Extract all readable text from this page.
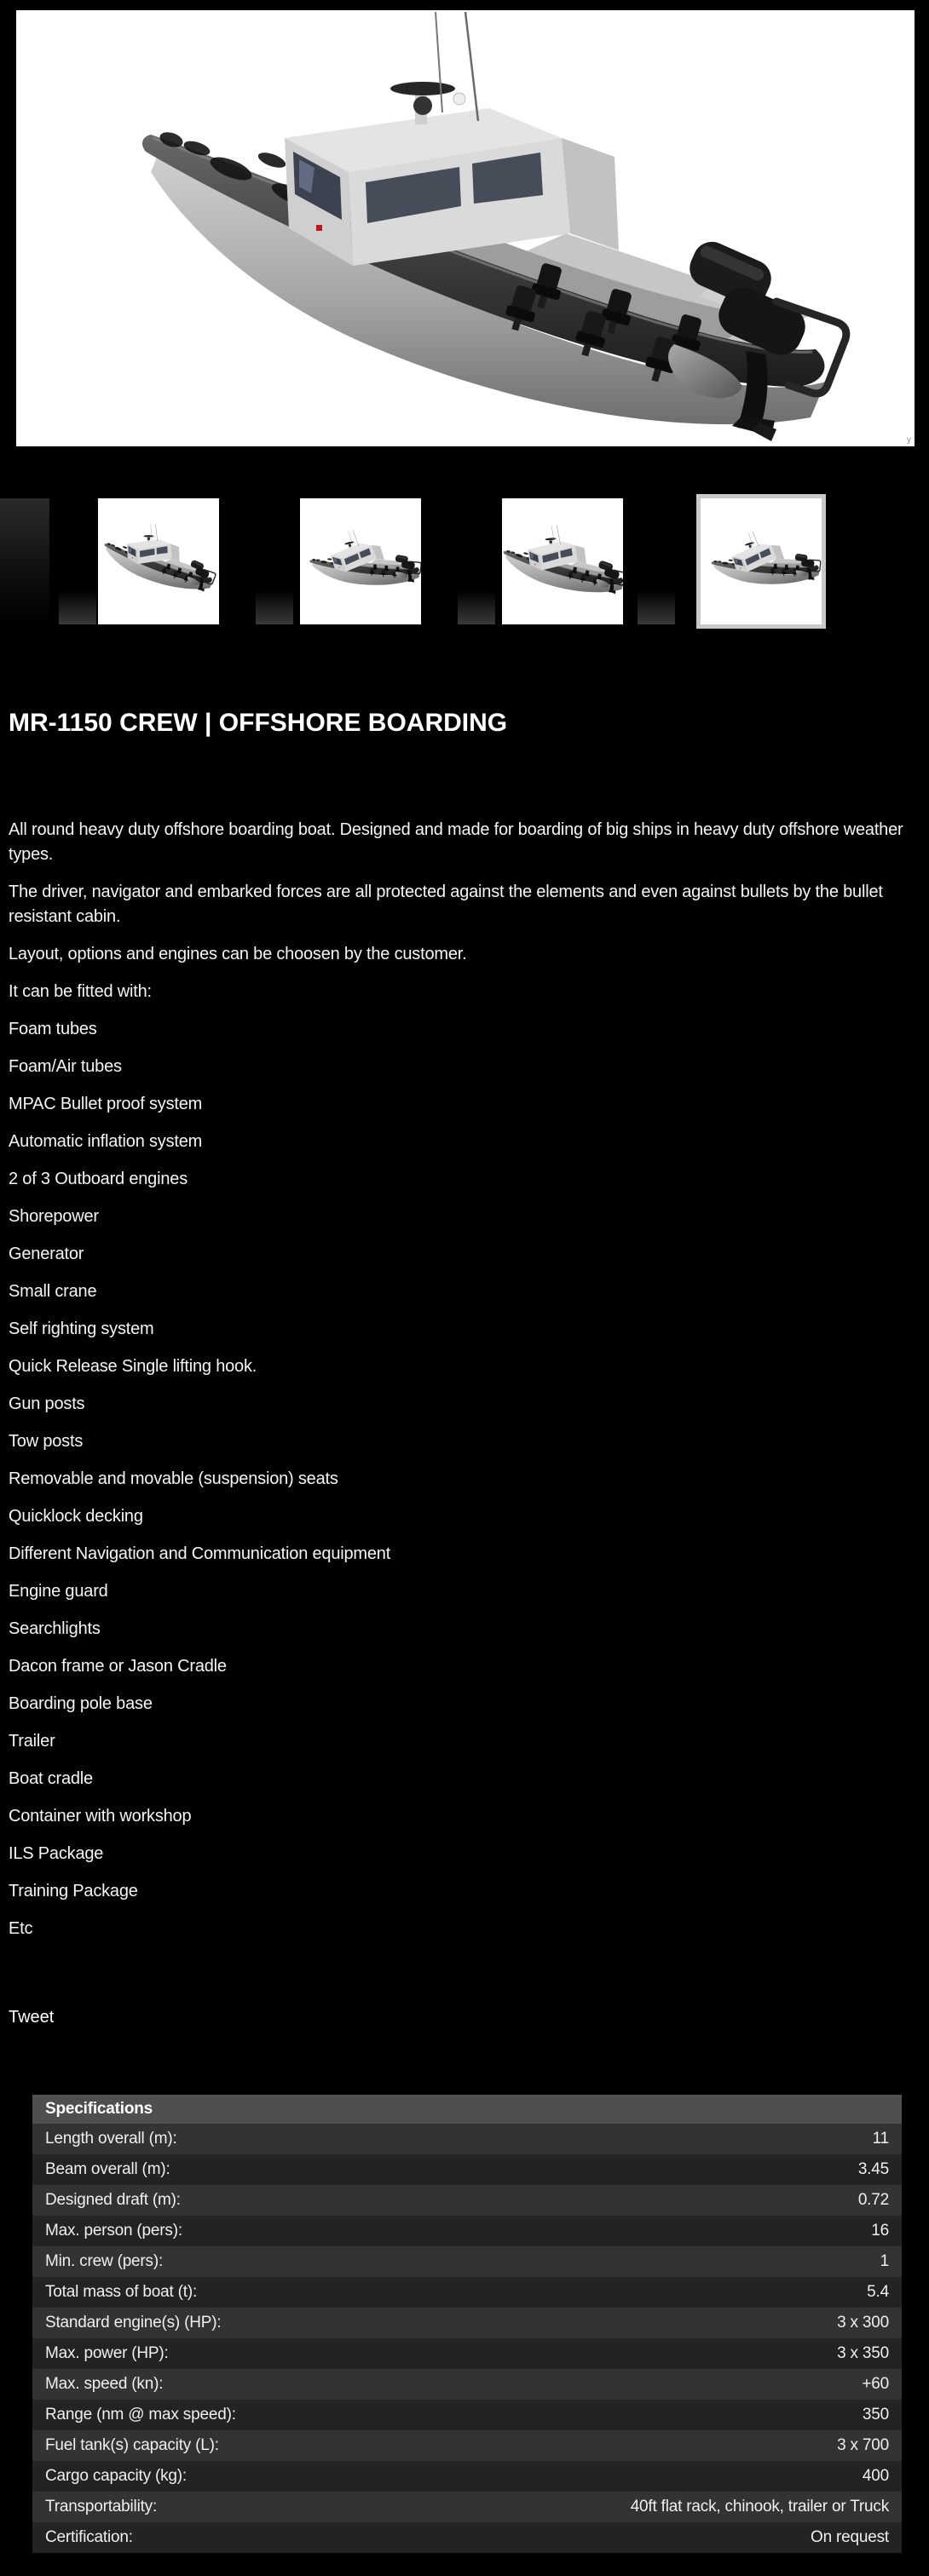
y
MR-1150 CREW | OFFSHORE BOARDING

All round heavy duty offshore boarding boat. Designed and made for boarding of big ships in heavy duty offshore weather types.

The driver, navigator and embarked forces are all protected against the elements and even against bullets by the bullet resistant cabin.

Layout, options and engines can be choosen by the customer.

It can be fitted with:

Foam tubes

Foam/Air tubes

MPAC Bullet proof system

Automatic inflation system

2 of 3 Outboard engines

Shorepower

Generator

Small crane

Self righting system

Quick Release Single lifting hook.

Gun posts

Tow posts

Removable and movable (suspension) seats

Quicklock decking

Different Navigation and Communication equipment

Engine guard

Searchlights

Dacon frame or Jason Cradle

Boarding pole base

Trailer

Boat cradle

Container with workshop

ILS Package

Training Package

Etc

Tweet
Specifications	
Length overall (m):	11
Beam overall (m):	3.45
Designed draft (m):	0.72
Max. person (pers):	16
Min. crew (pers):	1
Total mass of boat (t):	5.4
Standard engine(s) (HP):	3 x 300
Max. power (HP):	3 x 350
Max. speed (kn):	+60
Range (nm @ max speed):	350
Fuel tank(s) capacity (L):	3 x 700
Cargo capacity (kg):	400
Transportability:	40ft flat rack, chinook, trailer or Truck
Certification:	On request
